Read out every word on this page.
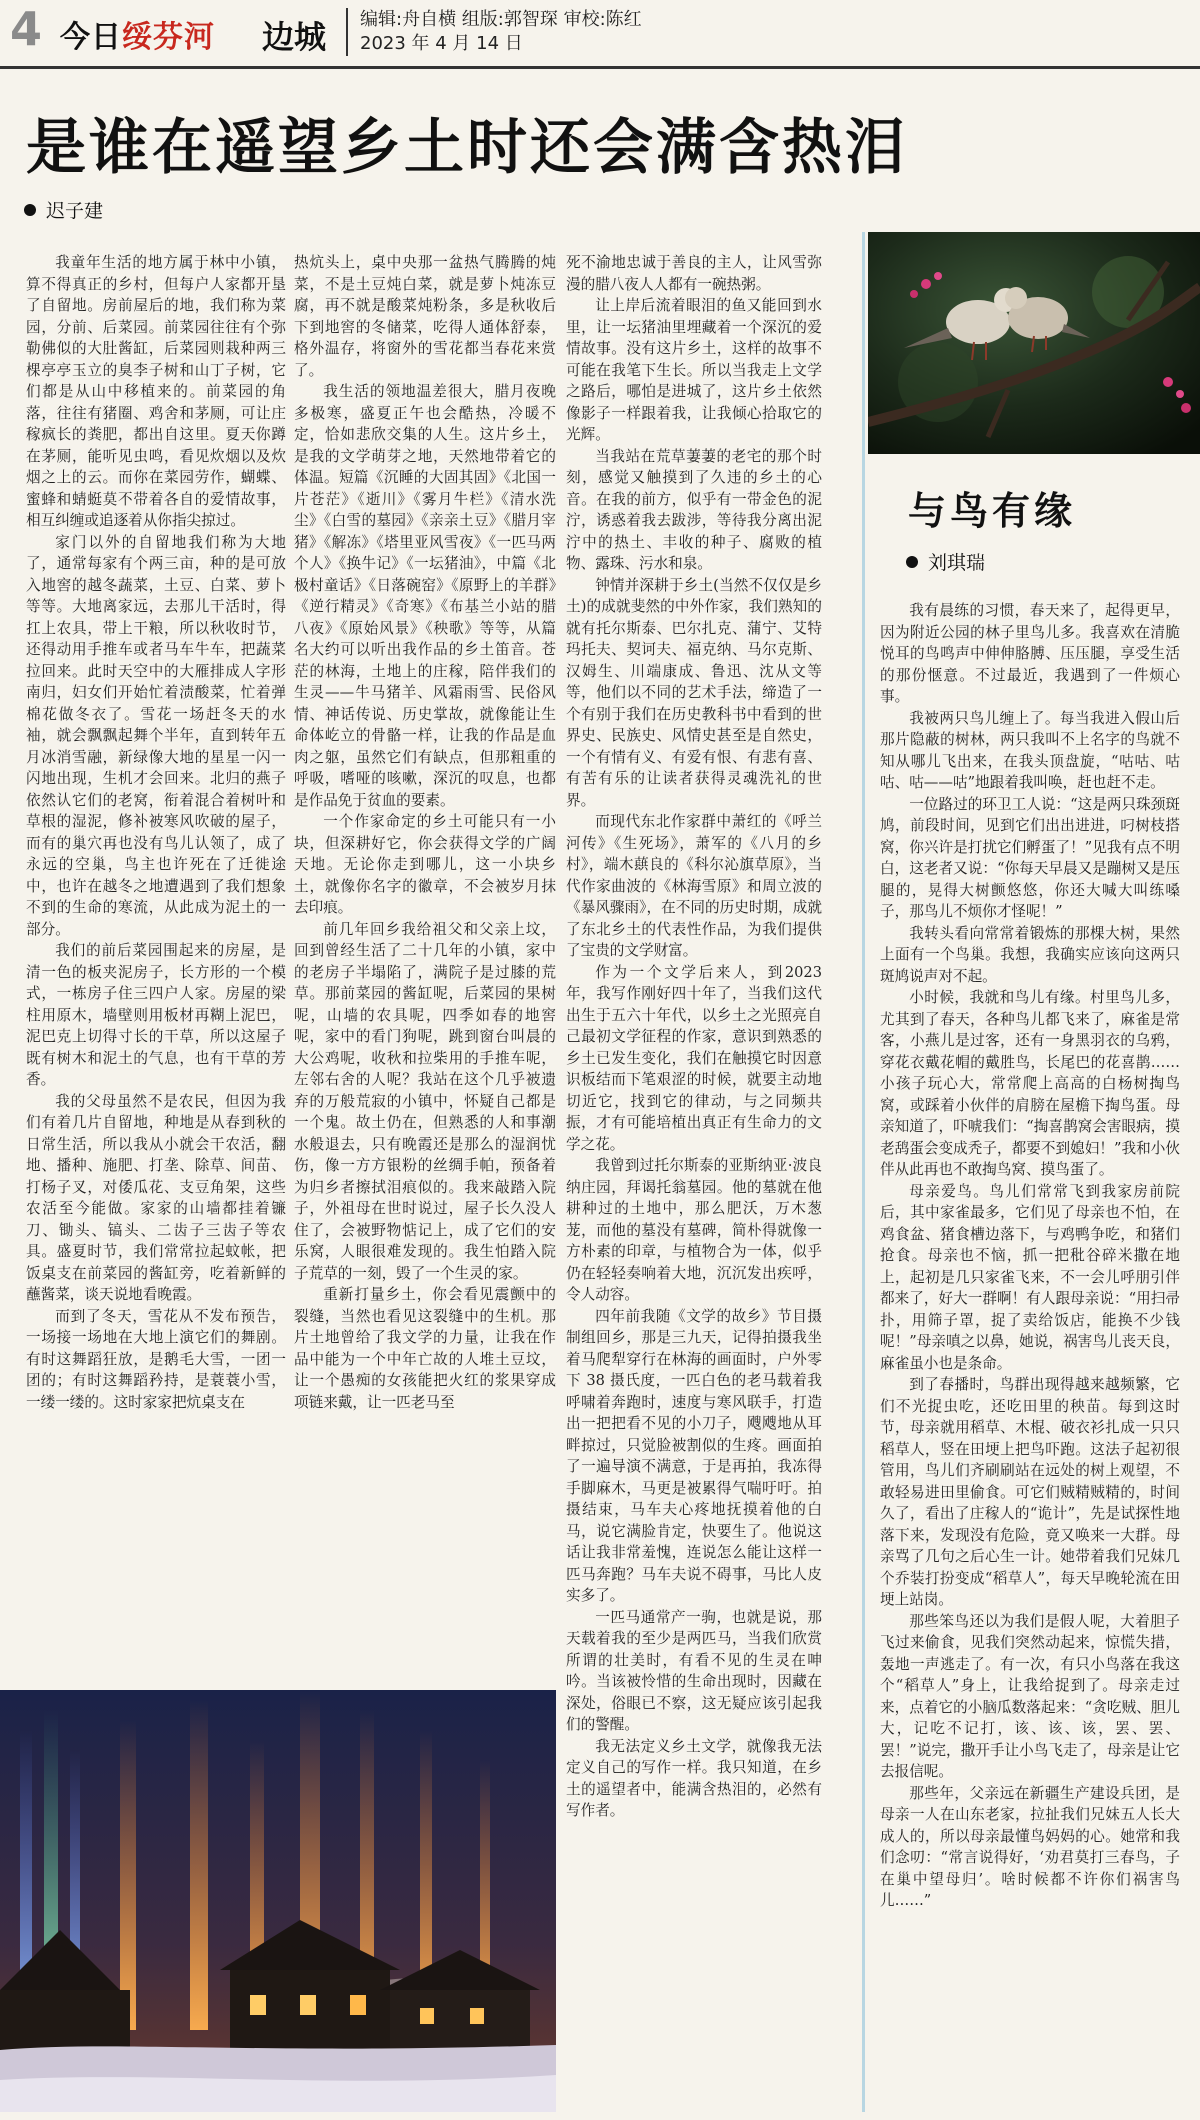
4 今日绥芬河 边城 编辑:舟自横 组版:郭智琛 审校:陈红
2023 年 4 月 14 日
是谁在遥望乡土时还会满含热泪
迟子建

我童年生活的地方属于林中小镇，算不得真正的乡村，但每户人家都开垦了自留地。房前屋后的地，我们称为菜园，分前、后菜园。前菜园往往有个弥勒佛似的大肚酱缸，后菜园则栽种两三棵亭亭玉立的臭李子树和山丁子树，它们都是从山中移植来的。前菜园的角落，往往有猪圈、鸡舍和茅厕，可让庄稼疯长的粪肥，都出自这里。夏天你蹲在茅厕，能听见虫鸣，看见炊烟以及炊烟之上的云。而你在菜园劳作，蝴蝶、蜜蜂和蜻蜓莫不带着各自的爱情故事，相互纠缠或追逐着从你指尖掠过。

家门以外的自留地我们称为大地了，通常每家有个两三亩，种的是可放入地窖的越冬蔬菜，土豆、白菜、萝卜等等。大地离家远，去那儿干活时，得扛上农具，带上干粮，所以秋收时节，还得动用手推车或者马车牛车，把蔬菜拉回来。此时天空中的大雁排成人字形南归，妇女们开始忙着渍酸菜，忙着弹棉花做冬衣了。雪花一场赶冬天的水袖，就会飘飘起舞个半年，直到转年五月冰消雪融，新绿像大地的星星一闪一闪地出现，生机才会回来。北归的燕子依然认它们的老窝，衔着混合着树叶和草根的湿泥，修补被寒风吹破的屋子，而有的巢穴再也没有鸟儿认领了，成了永远的空巢，鸟主也许死在了迁徙途中，也许在越冬之地遭遇到了我们想象不到的生命的寒流，从此成为泥土的一部分。

我们的前后菜园围起来的房屋，是清一色的板夹泥房子，长方形的一个模式，一栋房子住三四户人家。房屋的梁柱用原木，墙壁则用板材再糊上泥巴，泥巴克上切得寸长的干草，所以这屋子既有树木和泥土的气息，也有干草的芳香。

我的父母虽然不是农民，但因为我们有着几片自留地，种地是从春到秋的日常生活，所以我从小就会干农活，翻地、播种、施肥、打垄、除草、间苗、打杨子叉，对倭瓜花、支豆角架，这些农活至今能做。家家的山墙都挂着镰刀、锄头、镐头、二齿子三齿子等农具。盛夏时节，我们常常拉起蚊帐，把饭桌支在前菜园的酱缸旁，吃着新鲜的蘸酱菜，谈天说地看晚霞。

而到了冬天，雪花从不发布预告，一场接一场地在大地上演它们的舞剧。有时这舞蹈狂放，是鹅毛大雪，一团一团的；有时这舞蹈矜持，是蓑蓑小雪，一缕一缕的。这时家家把炕桌支在

热炕头上，桌中央那一盆热气腾腾的炖菜，不是土豆炖白菜，就是萝卜炖冻豆腐，再不就是酸菜炖粉条，多是秋收后下到地窖的冬储菜，吃得人通体舒泰，格外温存，将窗外的雪花都当春花来赏了。

我生活的领地温差很大，腊月夜晚多极寒，盛夏正午也会酷热，冷暖不定，恰如悲欣交集的人生。这片乡土，是我的文学萌芽之地，天然地带着它的体温。短篇《沉睡的大固其固》《北国一片苍茫》《逝川》《雾月牛栏》《清水洗尘》《白雪的墓园》《亲亲土豆》《腊月宰猪》《解冻》《塔里亚风雪夜》《一匹马两个人》《换牛记》《一坛猪油》，中篇《北极村童话》《日落碗窑》《原野上的羊群》《逆行精灵》《奇寒》《布基兰小站的腊八夜》《原始风景》《秧歌》等等，从篇名大约可以听出我作品的乡土笛音。苍茫的林海，土地上的庄稼，陪伴我们的生灵——牛马猪羊、风霜雨雪、民俗风情、神话传说、历史掌故，就像能让生命体屹立的骨骼一样，让我的作品是血肉之躯，虽然它们有缺点，但那粗重的呼吸，嗜哑的咳嗽，深沉的叹息，也都是作品免于贫血的要素。

一个作家命定的乡土可能只有一小块，但深耕好它，你会获得文学的广阔天地。无论你走到哪儿，这一小块乡土，就像你名字的徽章，不会被岁月抹去印痕。

前几年回乡我给祖父和父亲上坟，回到曾经生活了二十几年的小镇，家中的老房子半塌陷了，满院子是过膝的荒草。那前菜园的酱缸呢，后菜园的果树呢，山墙的农具呢，四季如春的地窖呢，家中的看门狗呢，跳到窗台叫晨的大公鸡呢，收秋和拉柴用的手推车呢，左邻右舍的人呢？我站在这个几乎被遗弃的万般荒寂的小镇中，怀疑自己都是一个鬼。故土仍在，但熟悉的人和事潮水般退去，只有晚霞还是那么的湿润忧伤，像一方方银粉的丝绸手帕，预备着为归乡者擦拭泪痕似的。我来敲踏入院子，外祖母在世时说过，屋子长久没人住了，会被野物惦记上，成了它们的安乐窝，人眼很难发现的。我生怕踏入院子荒草的一刻，毁了一个生灵的家。

重新打量乡土，你会看见震颤中的裂缝，当然也看见这裂缝中的生机。那片土地曾给了我文学的力量，让我在作品中能为一个中年亡故的人堆土豆坟，让一个愚痴的女孩能把火红的浆果穿成项链来戴，让一匹老马至

死不渝地忠诚于善良的主人，让风雪弥漫的腊八夜人人都有一碗热粥。

让上岸后流着眼泪的鱼又能回到水里，让一坛猪油里埋藏着一个深沉的爱情故事。没有这片乡土，这样的故事不可能在我笔下生长。所以当我走上文学之路后，哪怕是进城了，这片乡土依然像影子一样跟着我，让我倾心拾取它的光辉。

当我站在荒草萋萋的老宅的那个时刻，感觉又触摸到了久违的乡土的心音。在我的前方，似乎有一带金色的泥泞，诱惑着我去跋涉，等待我分离出泥泞中的热土、丰收的种子、腐败的植物、露珠、污水和泉。

钟情并深耕于乡土(当然不仅仅是乡土)的成就斐然的中外作家，我们熟知的就有托尔斯泰、巴尔扎克、蒲宁、艾特玛托夫、契诃夫、福克纳、马尔克斯、汉姆生、川端康成、鲁迅、沈从文等等，他们以不同的艺术手法，缔造了一个有别于我们在历史教科书中看到的世界史、民族史、风情史甚至是自然史，一个有情有义、有爱有恨、有悲有喜、有苦有乐的让读者获得灵魂洗礼的世界。

而现代东北作家群中萧红的《呼兰河传》《生死场》，萧军的《八月的乡村》，端木蕻良的《科尔沁旗草原》，当代作家曲波的《林海雪原》和周立波的《暴风骤雨》，在不同的历史时期，成就了东北乡土的代表性作品，为我们提供了宝贵的文学财富。

作为一个文学后来人，到2023年，我写作刚好四十年了，当我们这代出生于五六十年代，以乡土之光照亮自己最初文学征程的作家，意识到熟悉的乡土已发生变化，我们在触摸它时因意识板结而下笔艰涩的时候，就要主动地切近它，找到它的律动，与之同频共振，才有可能培植出真正有生命力的文学之花。

我曾到过托尔斯泰的亚斯纳亚·波良纳庄园，拜谒托翁墓园。他的墓就在他耕种过的土地中，那么肥沃，万木葱茏，而他的墓没有墓碑，简朴得就像一方朴素的印章，与植物合为一体，似乎仍在轻轻奏响着大地，沉沉发出疾呼，令人动容。

四年前我随《文学的故乡》节目摄制组回乡，那是三九天，记得拍摄我坐着马爬犁穿行在林海的画面时，户外零下 38 摄氏度，一匹白色的老马载着我呼啸着奔跑时，速度与寒风联手，打造出一把把看不见的小刀子，飕飕地从耳畔掠过，只觉脸被割似的生疼。画面拍了一遍导演不满意，于是再拍，我冻得手脚麻木，马更是被累得气喘吁吁。拍摄结束，马车夫心疼地抚摸着他的白马，说它满脸肯定，快要生了。他说这话让我非常羞愧，连说怎么能让这样一匹马奔跑？马车夫说不碍事，马比人皮实多了。

一匹马通常产一驹，也就是说，那天载着我的至少是两匹马，当我们欣赏所谓的壮美时，有看不见的生灵在呻吟。当该被怜惜的生命出现时，因藏在深处，俗眼已不察，这无疑应该引起我们的警醒。

我无法定义乡土文学，就像我无法定义自己的写作一样。我只知道，在乡土的遥望者中，能满含热泪的，必然有写作者。

与鸟有缘
刘琪瑞

我有晨练的习惯，春天来了，起得更早，因为附近公园的林子里鸟儿多。我喜欢在清脆悦耳的鸟鸣声中伸伸胳膊、压压腿，享受生活的那份惬意。不过最近，我遇到了一件烦心事。

我被两只鸟儿缠上了。每当我进入假山后那片隐蔽的树林，两只我叫不上名字的鸟就不知从哪儿飞出来，在我头顶盘旋，“咕咕、咕咕、咕——咕”地跟着我叫唤，赶也赶不走。

一位路过的环卫工人说：“这是两只珠颈斑鸠，前段时间，见到它们出出进进，叼树枝搭窝，你兴许是打扰它们孵蛋了！”见我有点不明白，这老者又说：“你每天早晨又是蹦树又是压腿的，晃得大树颤悠悠，你还大喊大叫练嗓子，那鸟儿不烦你才怪呢！”

我转头看向常常着锻炼的那棵大树，果然上面有一个鸟巢。我想，我确实应该向这两只斑鸠说声对不起。

小时候，我就和鸟儿有缘。村里鸟儿多，尤其到了春天，各种鸟儿都飞来了，麻雀是常客，小燕儿是过客，还有一身黑羽衣的乌鸦，穿花衣戴花帽的戴胜鸟，长尾巴的花喜鹊……小孩子玩心大，常常爬上高高的白杨树掏鸟窝，或踩着小伙伴的肩膀在屋檐下掏鸟蛋。母亲知道了，吓唬我们：“掏喜鹊窝会害眼病，摸老鸹蛋会变成秃子，都要不到媳妇！”我和小伙伴从此再也不敢掏鸟窝、摸鸟蛋了。

母亲爱鸟。鸟儿们常常飞到我家房前院后，其中家雀最多，它们见了母亲也不怕，在鸡食盆、猪食槽边落下，与鸡鸭争吃，和猪们抢食。母亲也不恼，抓一把秕谷碎米撒在地上，起初是几只家雀飞来，不一会儿呼朋引伴都来了，好大一群啊！有人跟母亲说：“用扫帚扑，用筛子罩，捉了卖给饭店，能换不少钱呢！”母亲嗔之以鼻，她说，祸害鸟儿丧天良，麻雀虽小也是条命。

到了春播时，鸟群出现得越来越频繁，它们不光捉虫吃，还吃田里的秧苗。每到这时节，母亲就用稻草、木棍、破衣衫扎成一只只稻草人，竖在田埂上把鸟吓跑。这法子起初很管用，鸟儿们齐刷刷站在远处的树上观望，不敢轻易进田里偷食。可它们贼精贼精的，时间久了，看出了庄稼人的“诡计”，先是试探性地落下来，发现没有危险，竟又唤来一大群。母亲骂了几句之后心生一计。她带着我们兄妹几个乔装打扮变成“稻草人”，每天早晚轮流在田埂上站岗。

那些笨鸟还以为我们是假人呢，大着胆子飞过来偷食，见我们突然动起来，惊慌失措，轰地一声逃走了。有一次，有只小鸟落在我这个“稻草人”身上，让我给捉到了。母亲走过来，点着它的小脑瓜数落起来：“贪吃贼、胆儿大，记吃不记打，该、该、该，罢、罢、罢！”说完，撒开手让小鸟飞走了，母亲是让它去报信呢。

那些年，父亲远在新疆生产建设兵团，是母亲一人在山东老家，拉扯我们兄妹五人长大成人的，所以母亲最懂鸟妈妈的心。她常和我们念叨：“常言说得好，‘劝君莫打三春鸟，子在巢中望母归’。啥时候都不许你们祸害鸟儿……”
